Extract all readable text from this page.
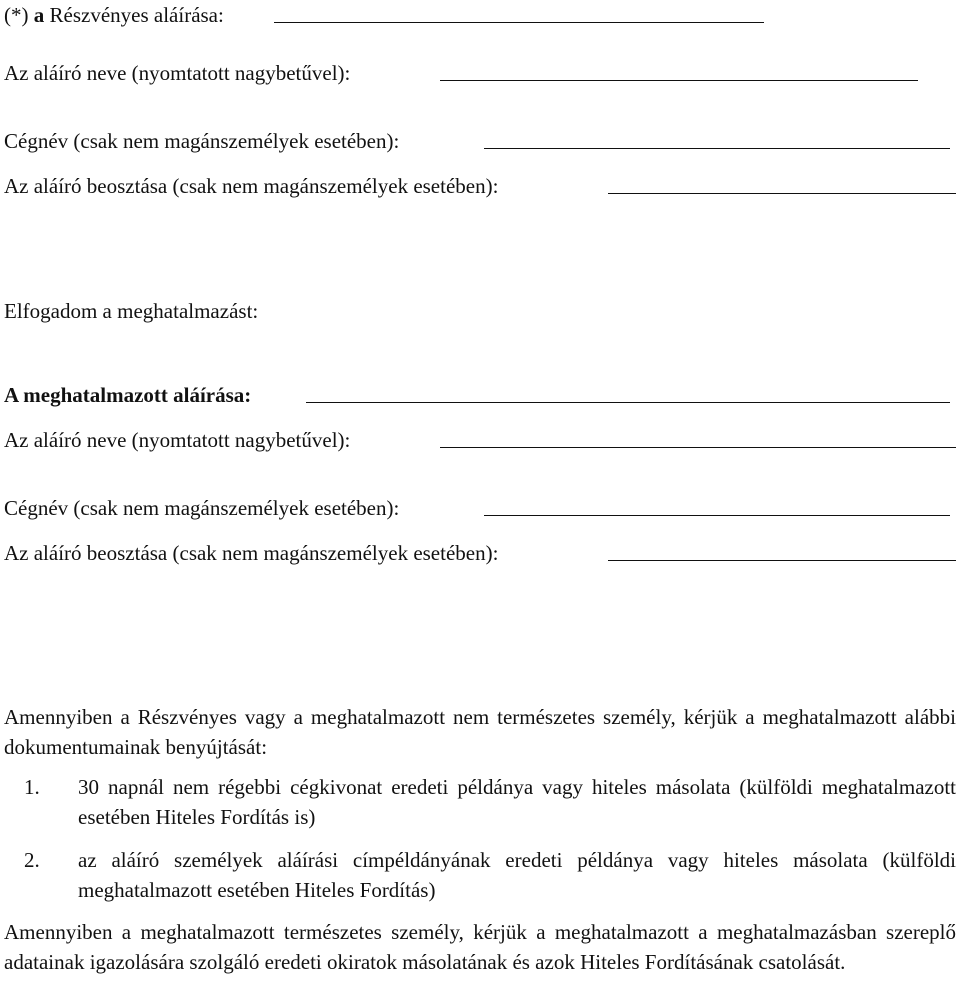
(*) a Részvényes aláírása:
Az aláíró neve (nyomtatott nagybetűvel):
Cégnév (csak nem magánszemélyek esetében):
Az aláíró beosztása (csak nem magánszemélyek esetében):
Elfogadom a meghatalmazást:
A meghatalmazott aláírása:
Az aláíró neve (nyomtatott nagybetűvel):
Cégnév (csak nem magánszemélyek esetében):
Az aláíró beosztása (csak nem magánszemélyek esetében):

Amennyiben a Részvényes vagy a meghatalmazott nem természetes személy, kérjük a meghatalmazott alábbi dokumentumainak benyújtását:

1. 30 napnál nem régebbi cégkivonat eredeti példánya vagy hiteles másolata (külföldi meghatalmazott esetében Hiteles Fordítás is)
2. az aláíró személyek aláírási címpéldányának eredeti példánya vagy hiteles másolata (külföldi meghatalmazott esetében Hiteles Fordítás)

Amennyiben a meghatalmazott természetes személy, kérjük a meghatalmazott a meghatalmazásban szereplő adatainak igazolására szolgáló eredeti okiratok másolatának és azok Hiteles Fordításának csatolását.
